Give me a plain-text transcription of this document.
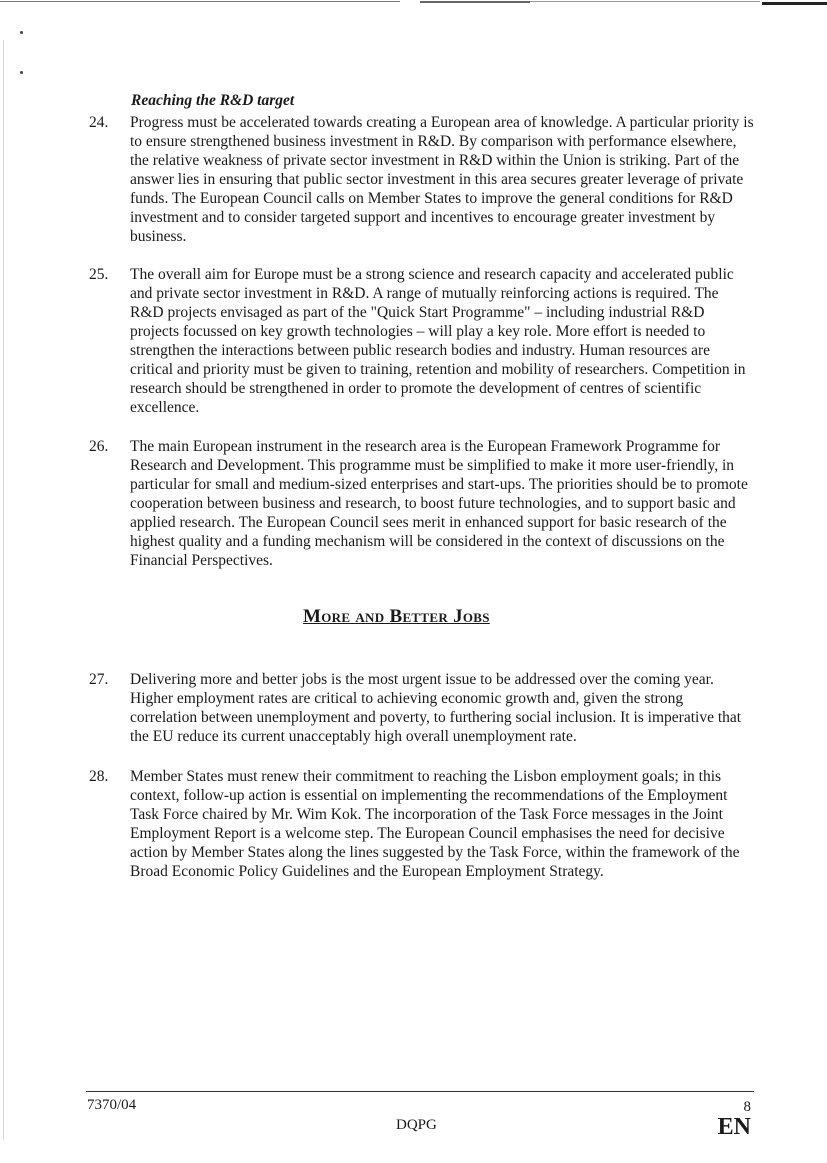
Reaching the R&D target
24. Progress must be accelerated towards creating a European area of knowledge. A particular priority is to ensure strengthened business investment in R&D. By comparison with performance elsewhere, the relative weakness of private sector investment in R&D within the Union is striking. Part of the answer lies in ensuring that public sector investment in this area secures greater leverage of private funds. The European Council calls on Member States to improve the general conditions for R&D investment and to consider targeted support and incentives to encourage greater investment by business.
25. The overall aim for Europe must be a strong science and research capacity and accelerated public and private sector investment in R&D. A range of mutually reinforcing actions is required. The R&D projects envisaged as part of the "Quick Start Programme" – including industrial R&D projects focussed on key growth technologies – will play a key role. More effort is needed to strengthen the interactions between public research bodies and industry. Human resources are critical and priority must be given to training, retention and mobility of researchers. Competition in research should be strengthened in order to promote the development of centres of scientific excellence.
26. The main European instrument in the research area is the European Framework Programme for Research and Development. This programme must be simplified to make it more user-friendly, in particular for small and medium-sized enterprises and start-ups. The priorities should be to promote cooperation between business and research, to boost future technologies, and to support basic and applied research. The European Council sees merit in enhanced support for basic research of the highest quality and a funding mechanism will be considered in the context of discussions on the Financial Perspectives.
More and Better Jobs
27. Delivering more and better jobs is the most urgent issue to be addressed over the coming year. Higher employment rates are critical to achieving economic growth and, given the strong correlation between unemployment and poverty, to furthering social inclusion. It is imperative that the EU reduce its current unacceptably high overall unemployment rate.
28. Member States must renew their commitment to reaching the Lisbon employment goals; in this context, follow-up action is essential on implementing the recommendations of the Employment Task Force chaired by Mr. Wim Kok. The incorporation of the Task Force messages in the Joint Employment Report is a welcome step. The European Council emphasises the need for decisive action by Member States along the lines suggested by the Task Force, within the framework of the Broad Economic Policy Guidelines and the European Employment Strategy.
7370/04	8
DQPG	EN
